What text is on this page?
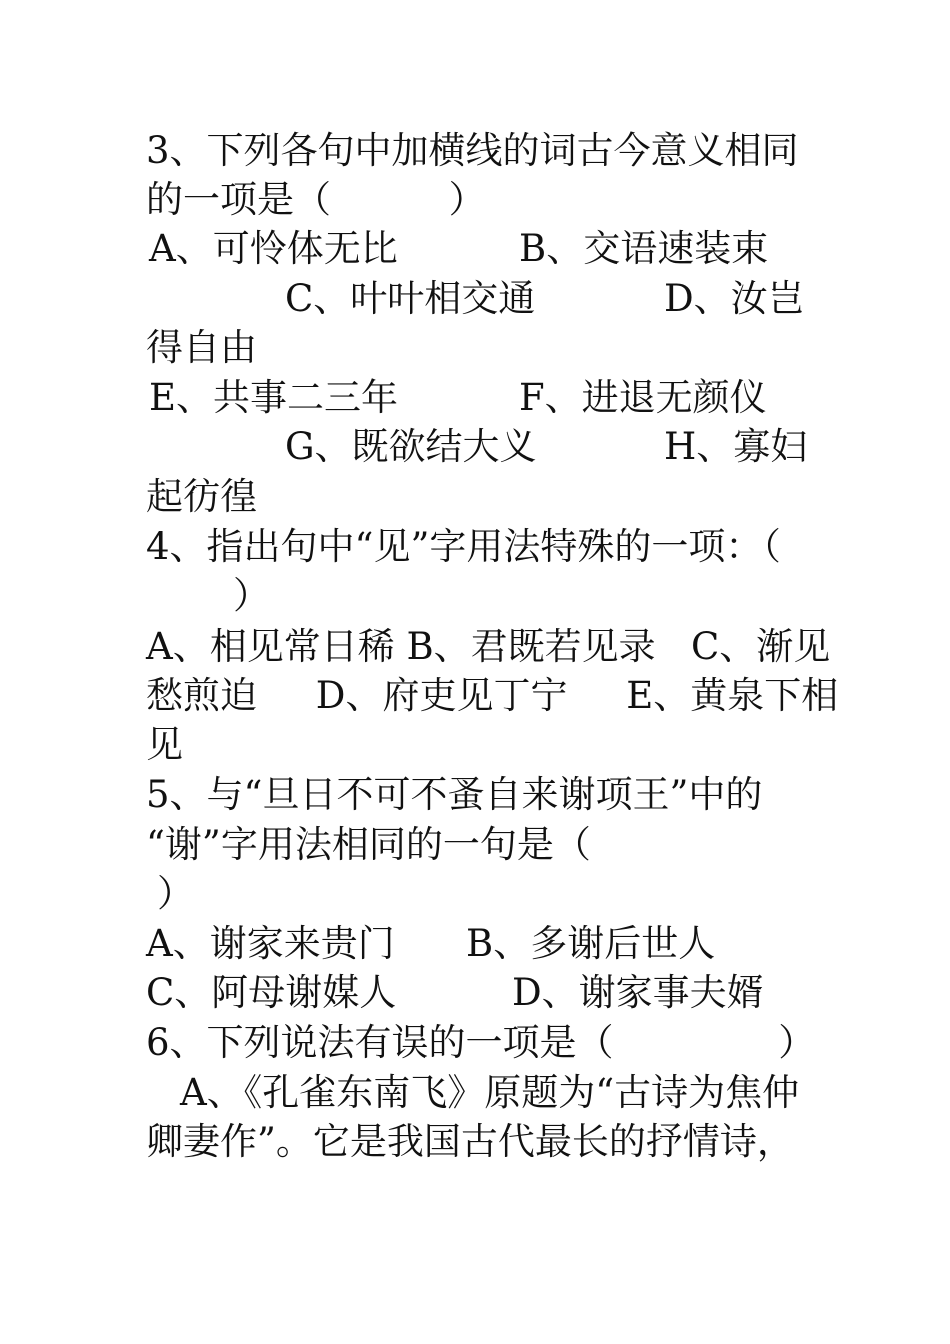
3、下列各句中加横线的词古今意义相同
的一项是（          ）
A、可怜体无比	B、交语速装束
C、叶叶相交通	D、汝岂
得自由
E、共事二三年	F、进退无颜仪
G、既欲结大义	H、寡妇
起彷徨
4、指出句中“见”字用法特殊的一项：（
）
A、相见常日稀 B、君既若见录   C、渐见
愁煎迫     D、府吏见丁宁     E、黄泉下相
见
5、与“旦日不可不蚤自来谢项王”中的
“谢”字用法相同的一句是（
）
A、谢家来贵门 B、多谢后世人
C、阿母谢媒人	D、谢家事夫婿
6、下列说法有误的一项是（              ）
A、《孔雀东南飞》原题为“古诗为焦仲
卿妻作”。它是我国古代最长的抒情诗，
